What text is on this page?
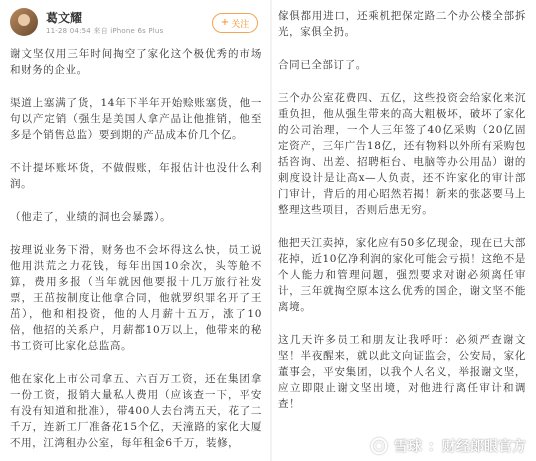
葛文耀
11-28 04:54 来自 iPhone 6s Plus
+ 关注

谢文坚仅用三年时间掏空了家化这个极优秀的市场和财务的企业。

渠道上塞满了货，14年下半年开始赊账塞货，他一句以产定销（强生是美国人拿产品让他推销，他至多是个销售总监）要到期的产品成本价几个亿。

不计提坏账坏货，不做假账，年报估计也没什么利润。

（他走了，业绩的洞也会暴露）。

按理说业务下滑，财务也不会坏得这么快，员工说他用洪荒之力花钱，每年出国10余次，头等舱不算，费用多报（当年就因他要报十几万旅行社发票，王茁按制度让他拿合同，他就罗织罪名开了王茁），他和相投资，他的人月薪十五万，涨了10倍，他招的关系户，月薪都10万以上，他带来的秘书工资可比家化总监高。

他在家化上市公司拿五、六百万工资，还在集团拿一份工资，报销大量私人费用（应该查一下，平安有没有知道和批准），带400人去台湾五天，花了二千万，连新工厂准备花15个亿，天潼路的家化大厦不用，江湾租办公室，每年租金6千万，装修，

傢俱都用进口，还乘机把保定路二个办公楼全部拆光，家俱全扔。

合同已全部订了。

三个办公室花费四、五亿，这些投资会给家化来沉重负担，他从强生带来的高大粗极坏，破坏了家化的公司治理，一个人三年签了40亿采购（20亿固定资产，三年广告18亿，还有物料以外所有采购包括咨询、出差、招聘柜台、电脑等办公用品）谢的刺度设计是让高x—人负责，还不许家化的审计部门审计，背后的用心昭然若揭！新来的张苾要马上整理这些项目，否则后患无穷。

他把天江卖掉，家化应有50多亿现金，现在已大部花掉，近10亿净利润的家化可能会亏损！这绝不是个人能力和管理问题，强烈要求对谢必须离任审计，三年就掏空原本这么优秀的国企，谢文坚不能离境。

这几天许多员工和朋友让我呼吁：必须严查谢文坚！半夜醒来，就以此文向证监会，公安局，家化董事会，平安集团，以我个人名义，举报谢文坚，应立即限止谢文坚出境，对他进行离任审计和调查！

雪球 ：财经郎眼官方
